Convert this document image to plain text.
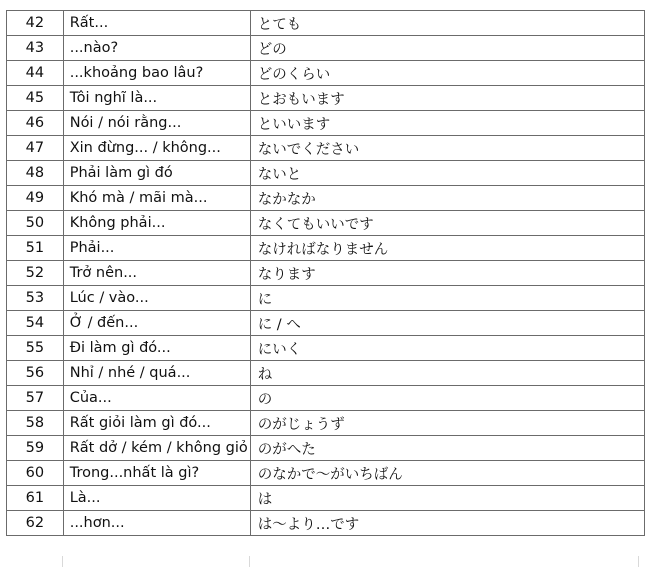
42	Rất...	とても
43	...nào?	どの
44	...khoảng bao lâu?	どのくらい
45	Tôi nghĩ là...	とおもいます
46	Nói / nói rằng...	といいます
47	Xin đừng... / không...	ないでください
48	Phải làm gì đó	ないと
49	Khó mà / mãi mà...	なかなか
50	Không phải...	なくてもいいです
51	Phải...	なければなりません
52	Trở nên...	なります
53	Lúc / vào...	に
54	Ở / đến...	に / へ
55	Đi làm gì đó...	にいく
56	Nhỉ / nhé / quá...	ね
57	Của...	の
58	Rất giỏi làm gì đó...	のがじょうず
59	Rất dở / kém / không giỏ	のがへた
60	Trong...nhất là gì?	のなかで〜がいちばん
61	Là...	は
62	...hơn...	は〜より…です
